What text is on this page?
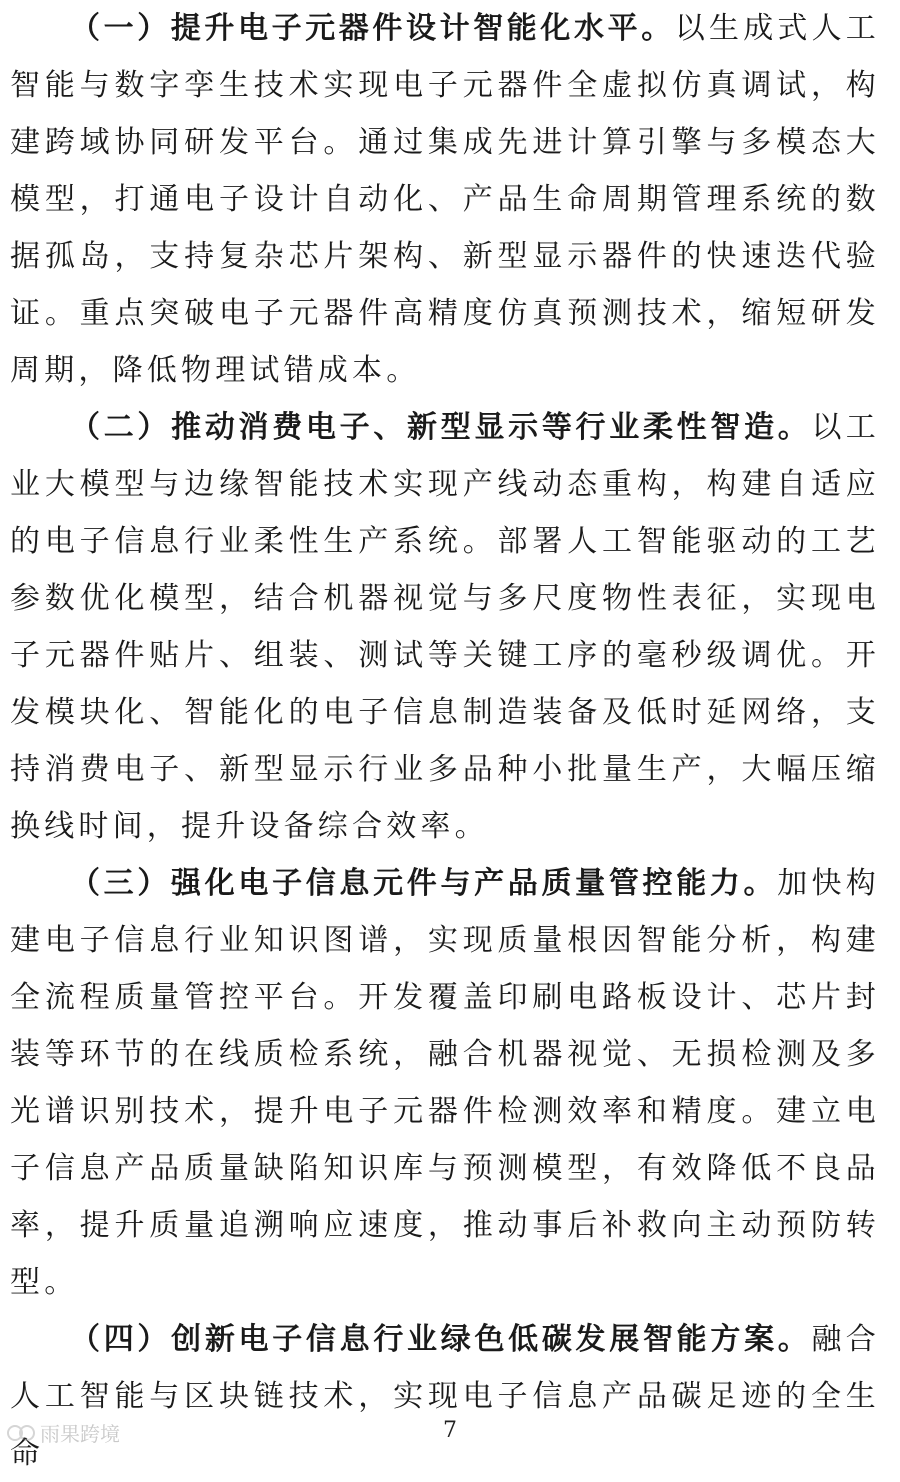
（一）提升电子元器件设计智能化水平。以生成式人工智能与数字孪生技术实现电子元器件全虚拟仿真调试，构建跨域协同研发平台。通过集成先进计算引擎与多模态大模型，打通电子设计自动化、产品生命周期管理系统的数据孤岛，支持复杂芯片架构、新型显示器件的快速迭代验证。重点突破电子元器件高精度仿真预测技术，缩短研发周期，降低物理试错成本。

（二）推动消费电子、新型显示等行业柔性智造。以工业大模型与边缘智能技术实现产线动态重构，构建自适应的电子信息行业柔性生产系统。部署人工智能驱动的工艺参数优化模型，结合机器视觉与多尺度物性表征，实现电子元器件贴片、组装、测试等关键工序的毫秒级调优。开发模块化、智能化的电子信息制造装备及低时延网络，支持消费电子、新型显示行业多品种小批量生产，大幅压缩换线时间，提升设备综合效率。

（三）强化电子信息元件与产品质量管控能力。加快构建电子信息行业知识图谱，实现质量根因智能分析，构建全流程质量管控平台。开发覆盖印刷电路板设计、芯片封装等环节的在线质检系统，融合机器视觉、无损检测及多光谱识别技术，提升电子元器件检测效率和精度。建立电子信息产品质量缺陷知识库与预测模型，有效降低不良品率，提升质量追溯响应速度，推动事后补救向主动预防转型。

（四）创新电子信息行业绿色低碳发展智能方案。融合人工智能与区块链技术，实现电子信息产品碳足迹的全生命

雨果跨境	7
